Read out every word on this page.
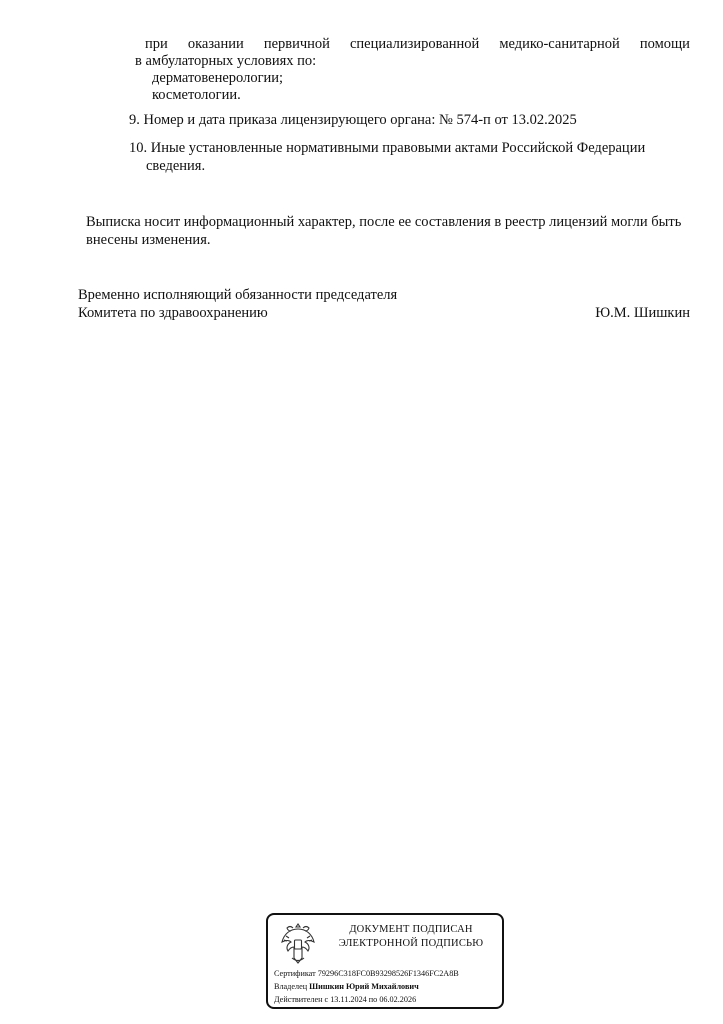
при оказании первичной специализированной медико-санитарной помощи
в амбулаторных условиях по:
дерматовенерологии;
косметологии.
9. Номер и дата приказа лицензирующего органа: № 574-п от 13.02.2025
10. Иные установленные нормативными правовыми актами Российской Федерации
сведения.
Выписка носит информационный характер, после ее составления в реестр лицензий могли быть
внесены изменения.
Временно исполняющий обязанности председателя
Комитета по здравоохранению	Ю.М. Шишкин
ДОКУМЕНТ ПОДПИСАН
ЭЛЕКТРОННОЙ ПОДПИСЬЮ
Сертификат 79296C318FC0B93298526F1346FC2A8B
Владелец Шишкин Юрий Михайлович
Действителен с 13.11.2024 по 06.02.2026
